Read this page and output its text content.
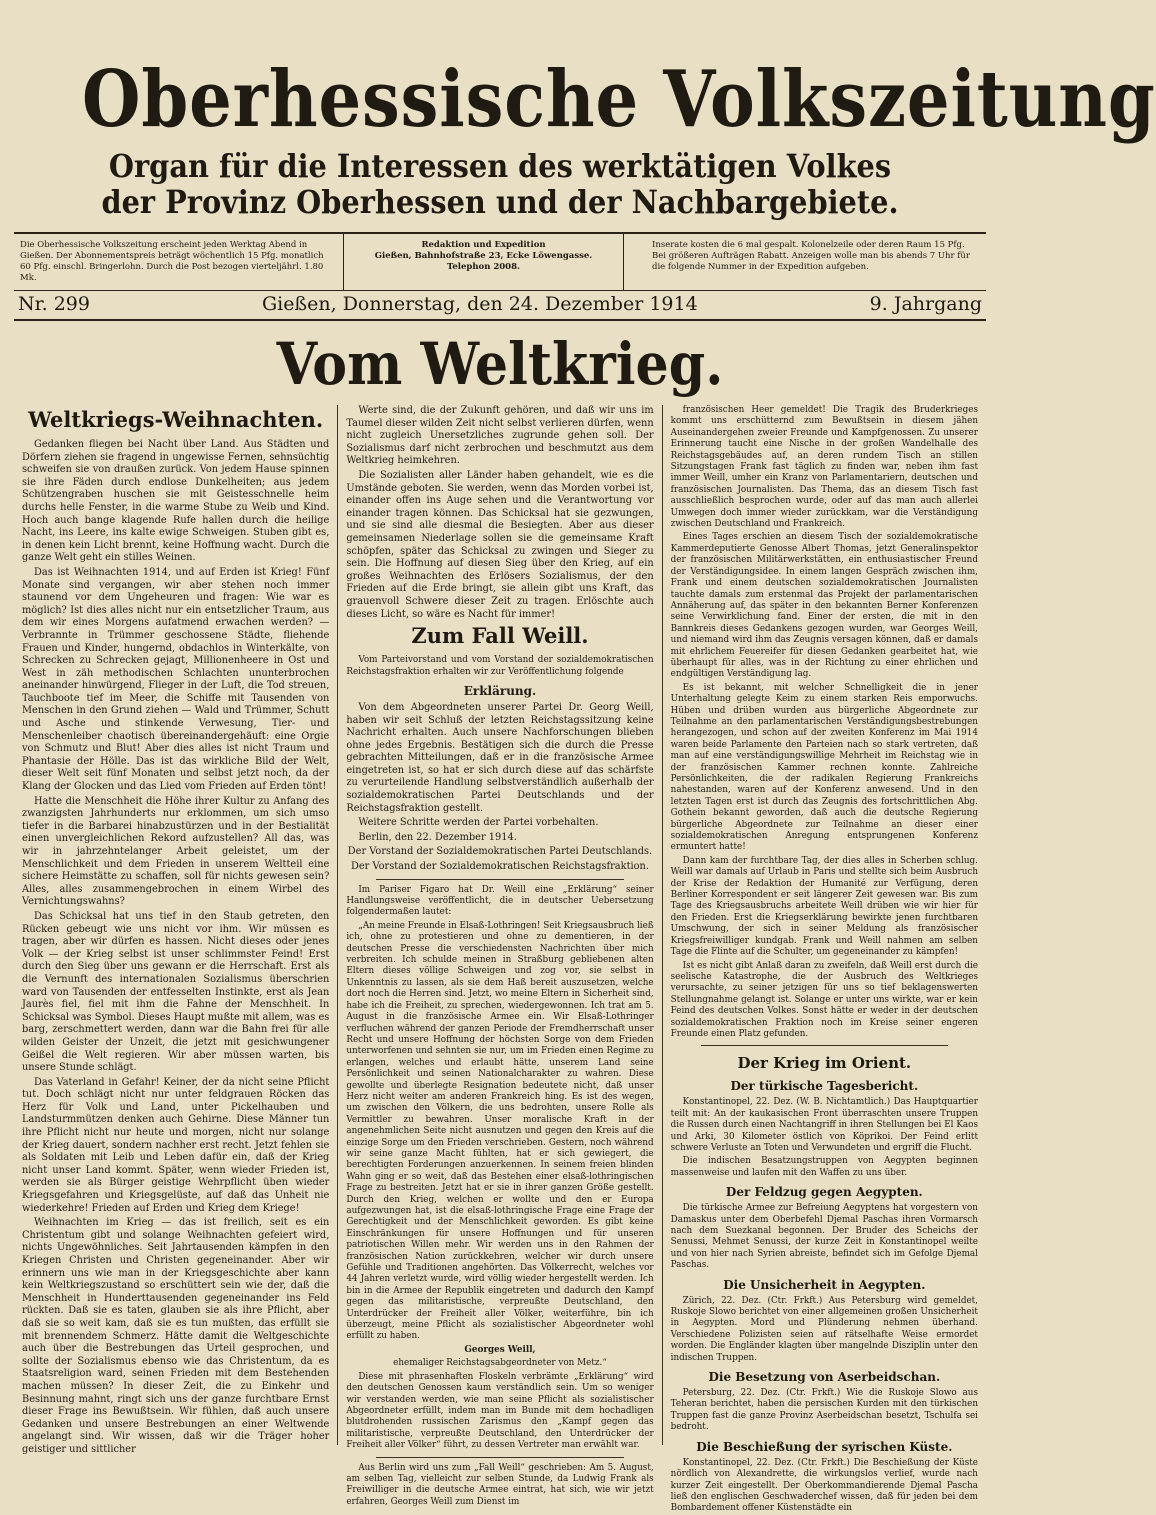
Oberhessische Volkszeitung
Organ für die Interessen des werktätigen Volkes
der Provinz Oberhessen und der Nachbargebiete.
Die Oberhessische Volkszeitung erscheint jeden Werktag Abend in Gießen. Der Abonnementspreis beträgt wöchentlich 15 Pfg. monatlich 60 Pfg. einschl. Bringerlohn. Durch die Post bezogen vierteljährl. 1.80 Mk.
Redaktion und Expedition
Gießen, Bahnhofstraße 23, Ecke Löwengasse.
Telephon 2008.
Inserate kosten die 6 mal gespalt. Kolonelzeile oder deren Raum 15 Pfg. Bei größeren Aufträgen Rabatt. Anzeigen wolle man bis abends 7 Uhr für die folgende Nummer in der Expedition aufgeben.
Nr. 299	Gießen, Donnerstag, den 24. Dezember 1914	9. Jahrgang
Vom Weltkrieg.
Weltkriegs-Weihnachten.

Gedanken fliegen bei Nacht über Land. Aus Städten und Dörfern ziehen sie fragend in ungewisse Fernen, sehnsüchtig schweifen sie von draußen zurück. Von jedem Hause spinnen sie ihre Fäden durch endlose Dunkelheiten; aus jedem Schützengraben huschen sie mit Geistesschnelle heim durchs helle Fenster, in die warme Stube zu Weib und Kind. Hoch auch bange klagende Rufe hallen durch die heilige Nacht, ins Leere, ins kalte ewige Schweigen. Stuben gibt es, in denen kein Licht brennt, keine Hoffnung wacht. Durch die ganze Welt geht ein stilles Weinen.

Das ist Weihnachten 1914, und auf Erden ist Krieg! Fünf Monate sind vergangen, wir aber stehen noch immer staunend vor dem Ungeheuren und fragen: Wie war es möglich? Ist dies alles nicht nur ein entsetzlicher Traum, aus dem wir eines Morgens aufatmend erwachen werden? — Verbrannte in Trümmer geschossene Städte, fliehende Frauen und Kinder, hungernd, obdachlos in Winterkälte, von Schrecken zu Schrecken gejagt, Millionenheere in Ost und West in zäh methodischen Schlachten ununterbrochen aneinander hinwürgend, Flieger in der Luft, die Tod streuen, Tauchboote tief im Meer, die Schiffe mit Tausenden von Menschen in den Grund ziehen — Wald und Trümmer, Schutt und Asche und stinkende Verwesung, Tier- und Menschenleiber chaotisch übereinandergehäuft: eine Orgie von Schmutz und Blut! Aber dies alles ist nicht Traum und Phantasie der Hölle. Das ist das wirkliche Bild der Welt, dieser Welt seit fünf Monaten und selbst jetzt noch, da der Klang der Glocken und das Lied vom Frieden auf Erden tönt!

Hatte die Menschheit die Höhe ihrer Kultur zu Anfang des zwanzigsten Jahrhunderts nur erklommen, um sich umso tiefer in die Barbarei hinabzustürzen und in der Bestialität einen unvergleichlichen Rekord aufzustellen? All das, was wir in jahrzehntelanger Arbeit geleistet, um der Menschlichkeit und dem Frieden in unserem Weltteil eine sichere Heimstätte zu schaffen, soll für nichts gewesen sein? Alles, alles zusammengebrochen in einem Wirbel des Vernichtungswahns?

Das Schicksal hat uns tief in den Staub getreten, den Rücken gebeugt wie uns nicht vor ihm. Wir müssen es tragen, aber wir dürfen es hassen. Nicht dieses oder jenes Volk — der Krieg selbst ist unser schlimmster Feind! Erst durch den Sieg über uns gewann er die Herrschaft. Erst als die Vernunft des internationalen Sozialismus überschrien ward von Tausenden der entfesselten Instinkte, erst als Jean Jaurès fiel, fiel mit ihm die Fahne der Menschheit. In Schicksal was Symbol. Dieses Haupt mußte mit allem, was es barg, zerschmettert werden, dann war die Bahn frei für alle wilden Geister der Unzeit, die jetzt mit gesichwungener Geißel die Welt regieren. Wir aber müssen warten, bis unsere Stunde schlägt.

Das Vaterland in Gefahr! Keiner, der da nicht seine Pflicht tut. Doch schlägt nicht nur unter feldgrauen Röcken das Herz für Volk und Land, unter Pickelhauben und Landsturmmützen denken auch Gehirne. Diese Männer tun ihre Pflicht nicht nur heute und morgen, nicht nur solange der Krieg dauert, sondern nachher erst recht. Jetzt fehlen sie als Soldaten mit Leib und Leben dafür ein, daß der Krieg nicht unser Land kommt. Später, wenn wieder Frieden ist, werden sie als Bürger geistige Wehrpflicht üben wieder Kriegsgefahren und Kriegsgelüste, auf daß das Unheit nie wiederkehre! Frieden auf Erden und Krieg dem Kriege!

Weihnachten im Krieg — das ist freilich, seit es ein Christentum gibt und solange Weihnachten gefeiert wird, nichts Ungewöhnliches. Seit Jahrtausenden kämpfen in den Kriegen Christen und Christen gegeneinander. Aber wir erinnern uns wie man in der Kriegsgeschichte aber kann kein Weltkriegszustand so erschüttert sein wie der, daß die Menschheit in Hunderttausenden gegeneinander ins Feld rückten. Daß sie es taten, glauben sie als ihre Pflicht, aber daß sie so weit kam, daß sie es tun mußten, das erfüllt sie mit brennendem Schmerz. Hätte damit die Weltgeschichte auch über die Bestrebungen das Urteil gesprochen, und sollte der Sozialismus ebenso wie das Christentum, da es Staatsreligion ward, seinen Frieden mit dem Bestehenden machen müssen? In dieser Zeit, die zu Einkehr und Besinnung mahnt, ringt sich uns der ganze furchtbare Ernst dieser Frage ins Bewußtsein. Wir fühlen, daß auch unsere Gedanken und unsere Bestrebungen an einer Weltwende angelangt sind. Wir wissen, daß wir die Träger hoher geistiger und sittlicher

Werte sind, die der Zukunft gehören, und daß wir uns im Taumel dieser wilden Zeit nicht selbst verlieren dürfen, wenn nicht zugleich Unersetzliches zugrunde gehen soll. Der Sozialismus darf nicht zerbrochen und beschmutzt aus dem Weltkrieg heimkehren.

Die Sozialisten aller Länder haben gehandelt, wie es die Umstände geboten. Sie werden, wenn das Morden vorbei ist, einander offen ins Auge sehen und die Verantwortung vor einander tragen können. Das Schicksal hat sie gezwungen, und sie sind alle diesmal die Besiegten. Aber aus dieser gemeinsamen Niederlage sollen sie die gemeinsame Kraft schöpfen, später das Schicksal zu zwingen und Sieger zu sein. Die Hoffnung auf diesen Sieg über den Krieg, auf ein großes Weihnachten des Erlösers Sozialismus, der den Frieden auf die Erde bringt, sie allein gibt uns Kraft, das grauenvoll Schwere dieser Zeit zu tragen. Erlöschte auch dieses Licht, so wäre es Nacht für immer!

Zum Fall Weill.

Vom Parteivorstand und vom Vorstand der sozialdemokratischen Reichstagsfraktion erhalten wir zur Veröffentlichung folgende

Erklärung.

Von dem Abgeordneten unserer Partei Dr. Georg Weill, haben wir seit Schluß der letzten Reichstagssitzung keine Nachricht erhalten. Auch unsere Nachforschungen blieben ohne jedes Ergebnis. Bestätigen sich die durch die Presse gebrachten Mitteilungen, daß er in die französische Armee eingetreten ist, so hat er sich durch diese auf das schärfste zu verurteilende Handlung selbstverständlich außerhalb der sozialdemokratischen Partei Deutschlands und der Reichstagsfraktion gestellt.

Weitere Schritte werden der Partei vorbehalten.

Berlin, den 22. Dezember 1914.

Der Vorstand der Sozialdemokratischen Partei Deutschlands.

Der Vorstand der Sozialdemokratischen Reichstagsfraktion.

Im Pariser Figaro hat Dr. Weill eine „Erklärung“ seiner Handlungsweise veröffentlicht, die in deutscher Uebersetzung folgendermaßen lautet:

„An meine Freunde in Elsaß-Lothringen! Seit Kriegsausbruch ließ ich, ohne zu protestieren und ohne zu dementieren, in der deutschen Presse die verschiedensten Nachrichten über mich verbreiten. Ich schulde meinen in Straßburg gebliebenen alten Eltern dieses völlige Schweigen und zog vor, sie selbst in Unkenntnis zu lassen, als sie dem Haß bereit auszusetzen, welche dort noch die Herren sind. Jetzt, wo meine Eltern in Sicherheit sind, habe ich die Freiheit, zu sprechen, wiedergewonnen. Ich trat am 5. August in die französische Armee ein. Wir Elsaß-Lothringer verfluchen während der ganzen Periode der Fremdherrschaft unser Recht und unsere Hoffnung der höchsten Sorge von dem Frieden unterworfenen und sehnten sie nur, um im Frieden einen Regime zu erlangen, welches und erlaubt hätte, unserem Land seine Persönlichkeit und seinen Nationalcharakter zu wahren. Diese gewollte und überlegte Resignation bedeutete nicht, daß unser Herz nicht weiter am anderen Frankreich hing. Es ist des wegen, um zwischen den Völkern, die uns bedrohten, unsere Rolle als Vermittler zu bewahren. Unser moralische Kraft in der angenehmlichen Seite nicht ausnutzen und gegen den Kreis auf die einzige Sorge um den Frieden verschrieben. Gestern, noch während wir seine ganze Macht fühlten, hat er sich gewiegert, die berechtigten Forderungen anzuerkennen. In seinem freien blinden Wahn ging er so weit, daß das Bestehen einer elsaß-lothringischen Frage zu bestreiten. Jetzt hat er sie in ihrer ganzen Größe gestellt. Durch den Krieg, welchen er wollte und den er Europa aufgezwungen hat, ist die elsaß-lothringische Frage eine Frage der Gerechtigkeit und der Menschlichkeit geworden. Es gibt keine Einschränkungen für unsere Hoffnungen und für unseren patriotischen Willen mehr. Wir werden uns in den Rahmen der französischen Nation zurückkehren, welcher wir durch unsere Gefühle und Traditionen angehörten. Das Völkerrecht, welches vor 44 Jahren verletzt wurde, wird völlig wieder hergestellt werden. Ich bin in die Armee der Republik eingetreten und dadurch den Kampf gegen das militaristische, verpreußte Deutschland, den Unterdrücker der Freiheit aller Völker, weiterführe, bin ich überzeugt, meine Pflicht als sozialistischer Abgeordneter wohl erfüllt zu haben.

Georges Weill,

ehemaliger Reichstagsabgeordneter von Metz.“

Diese mit phrasenhaften Floskeln verbrämte „Erklärung“ wird den deutschen Genossen kaum verständlich sein. Um so weniger wir verstanden werden, wie man seine Pflicht als sozialistischer Abgeordneter erfüllt, indem man im Bunde mit dem hochadligen blutdrohenden russischen Zarismus den „Kampf gegen das militaristische, verpreußte Deutschland, den Unterdrücker der Freiheit aller Völker“ führt, zu dessen Vertreter man erwählt war.

Aus Berlin wird uns zum „Fall Weill“ geschrieben: Am 5. August, am selben Tag, vielleicht zur selben Stunde, da Ludwig Frank als Freiwilliger in die deutsche Armee eintrat, hat sich, wie wir jetzt erfahren, Georges Weill zum Dienst im

französischen Heer gemeldet! Die Tragik des Bruderkrieges kommt uns erschütternd zum Bewußtsein in diesem jähen Auseinandergehen zweier Freunde und Kampfgenossen. Zu unserer Erinnerung taucht eine Nische in der großen Wandelhalle des Reichstagsgebäudes auf, an deren rundem Tisch an stillen Sitzungstagen Frank fast täglich zu finden war, neben ihm fast immer Weill, umher ein Kranz von Parlamentariern, deutschen und französischen Journalisten. Das Thema, das an diesem Tisch fast ausschließlich besprochen wurde, oder auf das man auch allerlei Umwegen doch immer wieder zurückkam, war die Verständigung zwischen Deutschland und Frankreich.

Eines Tages erschien an diesem Tisch der sozialdemokratische Kammerdeputierte Genosse Albert Thomas, jetzt Generalinspektor der französischen Militärwerkstätten, ein enthusiastischer Freund der Verständigungsidee. In einem langen Gespräch zwischen ihm, Frank und einem deutschen sozialdemokratischen Journalisten tauchte damals zum erstenmal das Projekt der parlamentarischen Annäherung auf, das später in den bekannten Berner Konferenzen seine Verwirklichung fand. Einer der ersten, die mit in den Bannkreis dieses Gedankens gezogen wurden, war Georges Weill, und niemand wird ihm das Zeugnis versagen können, daß er damals mit ehrlichem Feuereifer für diesen Gedanken gearbeitet hat, wie überhaupt für alles, was in der Richtung zu einer ehrlichen und endgültigen Verständigung lag.

Es ist bekannt, mit welcher Schnelligkeit die in jener Unterhaltung gelegte Keim zu einem starken Reis emporwuchs. Hüben und drüben wurden aus bürgerliche Abgeordnete zur Teilnahme an den parlamentarischen Verständigungsbestrebungen herangezogen, und schon auf der zweiten Konferenz im Mai 1914 waren beide Parlamente den Parteien nach so stark vertreten, daß man auf eine verständigungswillige Mehrheit im Reichstag wie in der französischen Kammer rechnen konnte. Zahlreiche Persönlichkeiten, die der radikalen Regierung Frankreichs nahestanden, waren auf der Konferenz anwesend. Und in den letzten Tagen erst ist durch das Zeugnis des fortschrittlichen Abg. Gothein bekannt geworden, daß auch die deutsche Regierung bürgerliche Abgeordnete zur Teilnahme an dieser einer sozialdemokratischen Anregung entsprungenen Konferenz ermuntert hatte!

Dann kam der furchtbare Tag, der dies alles in Scherben schlug. Weill war damals auf Urlaub in Paris und stellte sich beim Ausbruch der Krise der Redaktion der Humanité zur Verfügung, deren Berliner Korrespondent er seit längerer Zeit gewesen war. Bis zum Tage des Kriegsausbruchs arbeitete Weill drüben wie wir hier für den Frieden. Erst die Kriegserklärung bewirkte jenen furchtbaren Umschwung, der sich in seiner Meldung als französischer Kriegsfreiwilliger kundgab. Frank und Weill nahmen am selben Tage die Flinte auf die Schulter, um gegeneinander zu kämpfen!

Ist es nicht gibt Anlaß daran zu zweifeln, daß Weill erst durch die seelische Katastrophe, die der Ausbruch des Weltkrieges verursachte, zu seiner jetzigen für uns so tief beklagenswerten Stellungnahme gelangt ist. Solange er unter uns wirkte, war er kein Feind des deutschen Volkes. Sonst hätte er weder in der deutschen sozialdemokratischen Fraktion noch im Kreise seiner engeren Freunde einen Platz gefunden.

Der Krieg im Orient.
Der türkische Tagesbericht.

Konstantinopel, 22. Dez. (W. B. Nichtamtlich.) Das Hauptquartier teilt mit: An der kaukasischen Front überraschten unsere Truppen die Russen durch einen Nachtangriff in ihren Stellungen bei El Kaos und Arki, 30 Kilometer östlich von Köprikoi. Der Feind erlitt schwere Verluste an Toten und Verwundeten und ergriff die Flucht.

Die indischen Besatzungstruppen von Aegypten beginnen massenweise und laufen mit den Waffen zu uns über.

Der Feldzug gegen Aegypten.

Die türkische Armee zur Befreiung Aegyptens hat vorgestern von Damaskus unter dem Oberbefehl Djemal Paschas ihren Vormarsch nach dem Suezkanal begonnen. Der Bruder des Scheichs der Senussi, Mehmet Senussi, der kurze Zeit in Konstantinopel weilte und von hier nach Syrien abreiste, befindet sich im Gefolge Djemal Paschas.

Die Unsicherheit in Aegypten.

Zürich, 22. Dez. (Ctr. Frkft.) Aus Petersburg wird gemeldet, Ruskoje Slowo berichtet von einer allgemeinen großen Unsicherheit in Aegypten. Mord und Plünderung nehmen überhand. Verschiedene Polizisten seien auf rätselhafte Weise ermordet worden. Die Engländer klagten über mangelnde Disziplin unter den indischen Truppen.

Die Besetzung von Aserbeidschan.

Petersburg, 22. Dez. (Ctr. Frkft.) Wie die Ruskoje Slowo aus Teheran berichtet, haben die persischen Kurden mit den türkischen Truppen fast die ganze Provinz Aserbeidschan besetzt, Tschulfa sei bedroht.

Die Beschießung der syrischen Küste.

Konstantinopel, 22. Dez. (Ctr. Frkft.) Die Beschießung der Küste nördlich von Alexandrette, die wirkungslos verlief, wurde nach kurzer Zeit eingestellt. Der Oberkommandierende Djemal Pascha ließ den englischen Geschwaderchef wissen, daß für jeden bei dem Bombardement offener Küstenstädte ein
